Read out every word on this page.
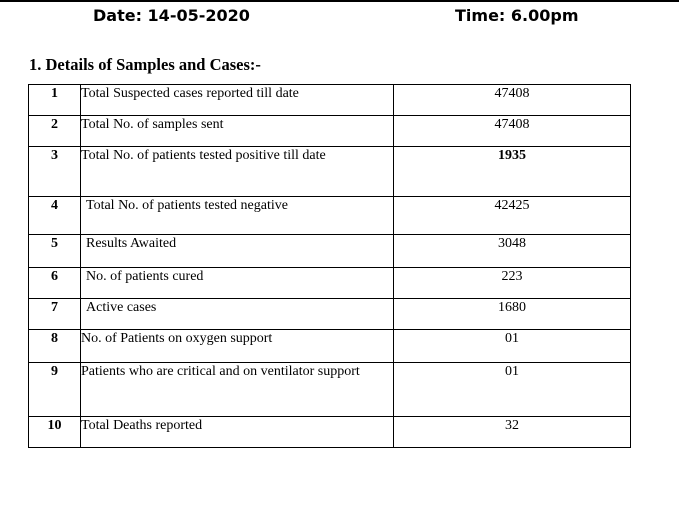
Date: 14-05-2020	Time: 6.00pm

1. Details of Samples and Cases:-

1	Total Suspected cases reported till date	47408
2	Total No. of samples sent	47408
3	Total No. of patients tested positive till date	1935
4	Total No. of patients tested negative	42425
5	Results Awaited	3048
6	No. of patients cured	223
7	Active cases	1680
8	No. of Patients on oxygen support	01
9	Patients who are critical and on ventilator support	01
10	Total Deaths reported	32
